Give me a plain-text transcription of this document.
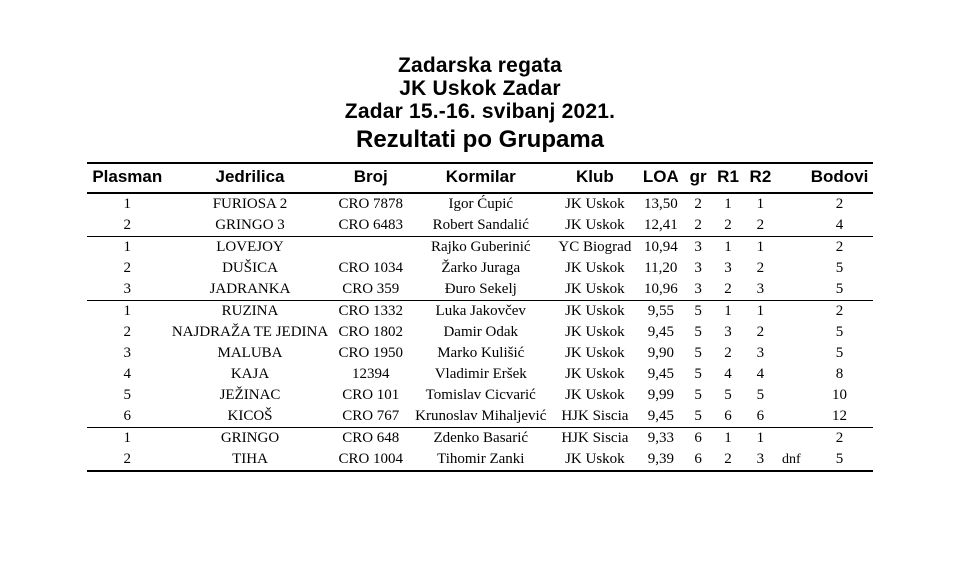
Zadarska regata
JK Uskok Zadar
Zadar 15.-16. svibanj 2021.
Rezultati po Grupama
Plasman	Jedrilica	Broj	Kormilar	Klub	LOA	gr	R1	R2		Bodovi
1	FURIOSA 2	CRO 7878	Igor Ćupić	JK Uskok	13,50	2	1	1		2
2	GRINGO 3	CRO 6483	Robert Sandalić	JK Uskok	12,41	2	2	2		4
1	LOVEJOY		Rajko Guberinić	YC Biograd	10,94	3	1	1		2
2	DUŠICA	CRO 1034	Žarko Juraga	JK Uskok	11,20	3	3	2		5
3	JADRANKA	CRO 359	Đuro Sekelj	JK Uskok	10,96	3	2	3		5
1	RUZINA	CRO 1332	Luka Jakovčev	JK Uskok	9,55	5	1	1		2
2	NAJDRAŽA TE JEDINA	CRO 1802	Damir Odak	JK Uskok	9,45	5	3	2		5
3	MALUBA	CRO 1950	Marko Kulišić	JK Uskok	9,90	5	2	3		5
4	KAJA	12394	Vladimir Eršek	JK Uskok	9,45	5	4	4		8
5	JEŽINAC	CRO 101	Tomislav Cicvarić	JK Uskok	9,99	5	5	5		10
6	KICOŠ	CRO 767	Krunoslav Mihaljević	HJK Siscia	9,45	5	6	6		12
1	GRINGO	CRO 648	Zdenko Basarić	HJK Siscia	9,33	6	1	1		2
2	TIHA	CRO 1004	Tihomir Zanki	JK Uskok	9,39	6	2	3	dnf	5
